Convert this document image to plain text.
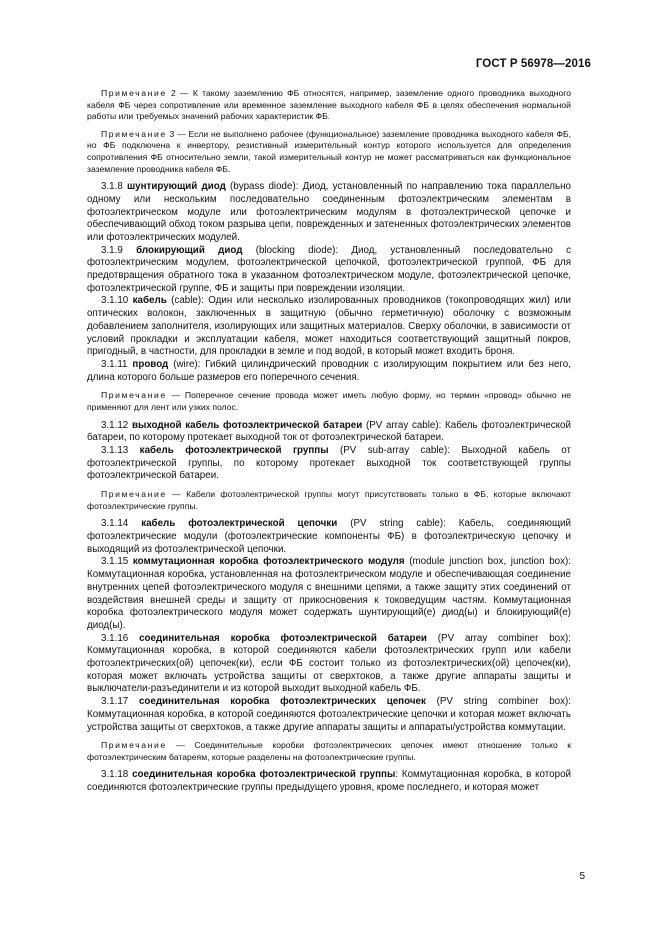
ГОСТ Р 56978—2016

Примечание 2 — К такому заземлению ФБ относятся, например, заземление одного проводника выходного кабеля ФБ через сопротивление или временное заземление выходного кабеля ФБ в целях обеспечения нормальной работы или требуемых значений рабочих характеристик ФБ.

Примечание 3 — Если не выполнено рабочее (функциональное) заземление проводника выходного кабеля ФБ, но ФБ подключена к инвертору, резистивный измерительный контур которого используется для определения сопротивления ФБ относительно земли, такой измерительный контур не может рассматриваться как функциональное заземление проводника кабеля ФБ.

3.1.8 шунтирующий диод (bypass diode): Диод, установленный по направлению тока параллельно одному или нескольким последовательно соединенным фотоэлектрическим элементам в фотоэлектрическом модуле или фотоэлектрическим модулям в фотоэлектрической цепочке и обеспечивающий обход током разрыва цепи, поврежденных и затененных фотоэлектрических элементов или фотоэлектрических модулей.

3.1.9 блокирующий диод (blocking diode): Диод, установленный последовательно с фотоэлектрическим модулем, фотоэлектрической цепочкой, фотоэлектрической группой, ФБ для предотвращения обратного тока в указанном фотоэлектрическом модуле, фотоэлектрической цепочке, фотоэлектрической группе, ФБ и защиты при повреждении изоляции.

3.1.10 кабель (cable): Один или несколько изолированных проводников (токопроводящих жил) или оптических волокон, заключенных в защитную (обычно герметичную) оболочку с возможным добавлением заполнителя, изолирующих или защитных материалов. Сверху оболочки, в зависимости от условий прокладки и эксплуатации кабеля, может находиться соответствующий защитный покров, пригодный, в частности, для прокладки в земле и под водой, в который может входить броня.

3.1.11 провод (wire): Гибкий цилиндрический проводник с изолирующим покрытием или без него, длина которого больше размеров его поперечного сечения.

Примечание — Поперечное сечение провода может иметь любую форму, но термин «провод» обычно не применяют для лент или узких полос.

3.1.12 выходной кабель фотоэлектрической батареи (PV array cable): Кабель фотоэлектрической батареи, по которому протекает выходной ток от фотоэлектрической батареи.

3.1.13 кабель фотоэлектрической группы (PV sub-array cable): Выходной кабель от фотоэлектрической группы, по которому протекает выходной ток соответствующей группы фотоэлектрической батареи.

Примечание — Кабели фотоэлектрической группы могут присутствовать только в ФБ, которые включают фотоэлектрические группы.

3.1.14 кабель фотоэлектрической цепочки (PV string cable): Кабель, соединяющий фотоэлектрические модули (фотоэлектрические компоненты ФБ) в фотоэлектрическую цепочку и выходящий из фотоэлектрической цепочки.

3.1.15 коммутационная коробка фотоэлектрического модуля (module junction box, junction box): Коммутационная коробка, установленная на фотоэлектрическом модуле и обеспечивающая соединение внутренних цепей фотоэлектрического модуля с внешними цепями, а также защиту этих соединений от воздействия внешней среды и защиту от прикосновения к токоведущим частям. Коммутационная коробка фотоэлектрического модуля может содержать шунтирующий(е) диод(ы) и блокирующий(е) диод(ы).

3.1.16 соединительная коробка фотоэлектрической батареи (PV array combiner box): Коммутационная коробка, в которой соединяются кабели фотоэлектрических групп или кабели фотоэлектрических(ой) цепочек(ки), если ФБ состоит только из фотоэлектрических(ой) цепочек(ки), которая может включать устройства защиты от сверхтоков, а также другие аппараты защиты и выключатели-разъединители и из которой выходит выходной кабель ФБ.

3.1.17 соединительная коробка фотоэлектрических цепочек (PV string combiner box): Коммутационная коробка, в которой соединяются фотоэлектрические цепочки и которая может включать устройства защиты от сверхтоков, а также другие аппараты защиты и аппараты/устройства коммутации.

Примечание — Соединительные коробки фотоэлектрических цепочек имеют отношение только к фотоэлектрическим батареям, которые разделены на фотоэлектрические группы.

3.1.18 соединительная коробка фотоэлектрической группы: Коммутационная коробка, в которой соединяются фотоэлектрические группы предыдущего уровня, кроме последнего, и которая может

5
